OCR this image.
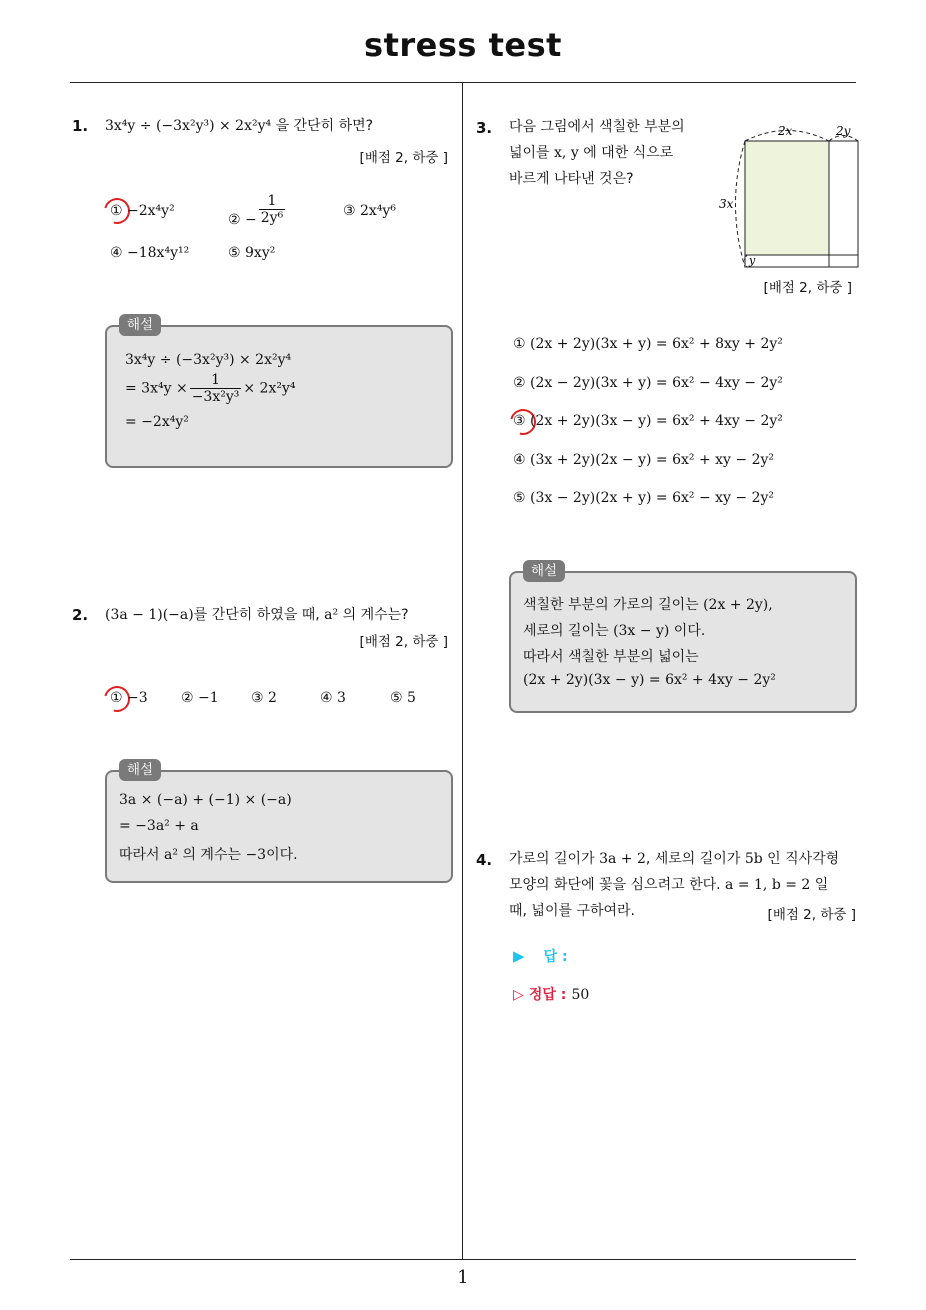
stress test
1
1. 3x⁴y ÷ (−3x²y³) × 2x²y⁴ 을 간단히 하면?
[배점 2, 하중 ]
① −2x⁴y²
② − $\frac{1}{\text{2y⁶}}$	③ 2x⁴y⁶
④ −18x⁴y¹²	⑤ 9xy²
해설
3x⁴y ÷ (−3x²y³) × 2x²y⁴
= $3x^4y \times \frac{1}{\text{−3x²y³}} \times 2x^2y^4$
= −2x⁴y²
2. (3a − 1)(−a)를 간단히 하였을 때, a² 의 계수는?
[배점 2, 하중 ]
① −3 ② −1 ③ 2	④ 3	⑤ 5
해설
3a × (−a) + (−1) × (−a)
= −3a² + a
따라서 a² 의 계수는 −3이다.
3. 다음 그림에서 색칠한 부분의
넓이를 x, y 에 대한 식으로
바르게 나타낸 것은?
2x	2y
3x
y
[배점 2, 하중 ]
① (2x + 2y)(3x + y) = 6x² + 8xy + 2y²
② (2x − 2y)(3x + y) = 6x² − 4xy − 2y²
③ (2x + 2y)(3x − y) = 6x² + 4xy − 2y²
④ (3x + 2y)(2x − y) = 6x² + xy − 2y²
⑤ (3x − 2y)(2x + y) = 6x² − xy − 2y²
해설
색칠한 부분의 가로의 길이는 (2x + 2y),
세로의 길이는 (3x − y) 이다.
따라서 색칠한 부분의 넓이는
(2x + 2y)(3x − y) = 6x² + 4xy − 2y²
4. 가로의 길이가 3a + 2, 세로의 길이가 5b 인 직사각형
모양의 화단에 꽃을 심으려고 한다. a = 1, b = 2 일
때, 넓이를 구하여라.	[배점 2, 하중 ]
▶ 답 :
▷ 정답 : 50
